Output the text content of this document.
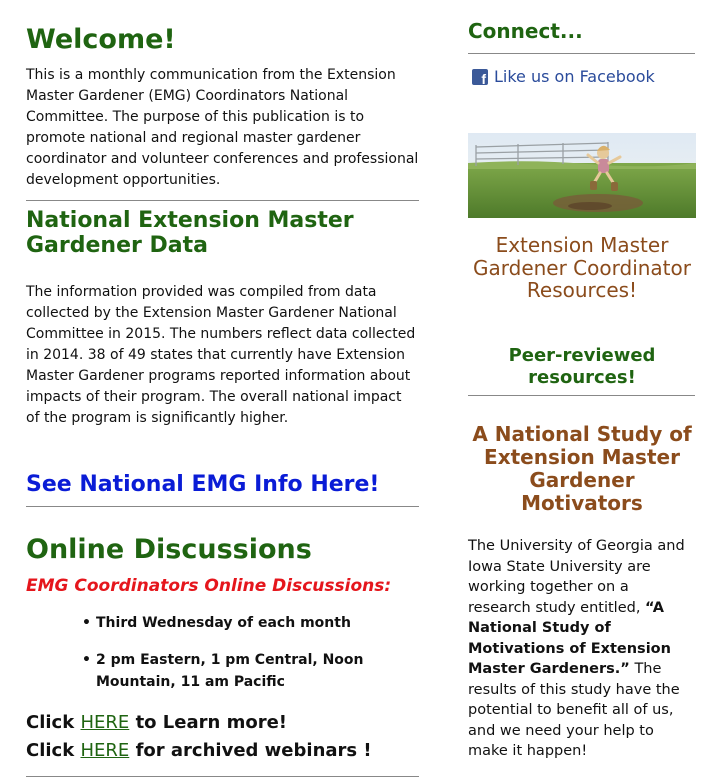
Welcome!

This is a monthly communication from the Extension Master Gardener (EMG) Coordinators National Committee. The purpose of this publication is to promote national and regional master gardener coordinator and volunteer conferences and professional development opportunities.

National Extension Master Gardener Data

The information provided was compiled from data collected by the Extension Master Gardener National Committee in 2015. The numbers reflect data collected in 2014. 38 of 49 states that currently have Extension Master Gardener programs reported information about impacts of their program. The overall national impact of the program is significantly higher.

See National EMG Info Here!
Online Discussions
EMG Coordinators Online Discussions:
• Third Wednesday of each month
• 2 pm Eastern, 1 pm Central, Noon Mountain, 11 am Pacific
Click HERE to Learn more!
Click HERE for archived webinars !
Connect...
f Like us on Facebook
Extension Master Gardener Coordinator Resources!
Peer-reviewed resources!
A National Study of Extension Master Gardener Motivators

The University of Georgia and Iowa State University are working together on a research study entitled, “A National Study of Motivations of Extension Master Gardeners.” The results of this study have the potential to benefit all of us, and we need your help to make it happen!
